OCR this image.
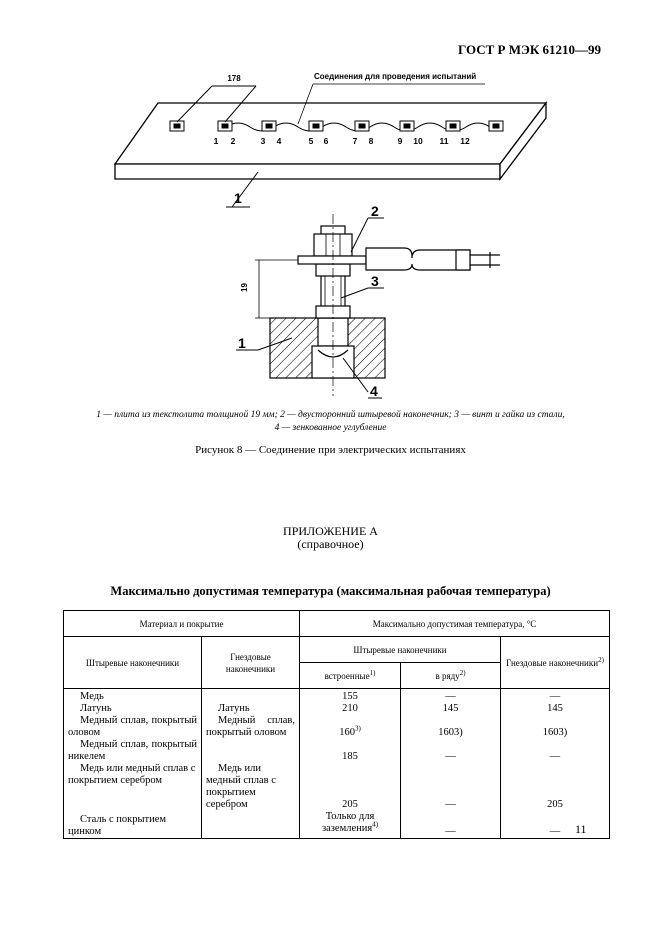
ГОСТ Р МЭК 61210—99
178	Соединения для проведения испытаний
1 2	3 4	5 6	7 8	9 10 11 12
1
19
2
3
1
4
1 — плита из текстолита толщиной 19 мм; 2 — двусторонний штыревой наконечник; 3 — винт и гайка из стали,
4 — зенкованное углубление
Рисунок 8 — Соединение при электрических испытаниях
ПРИЛОЖЕНИЕ А
(справочное)
Максимально допустимая температура (максимальная рабочая температура)
Материал и покрытие		Максимально допустимая температура, °С		
Штыревые наконечники	Гнездовые наконечники	Штыревые наконечники		Гнездовые наконечники$^{2)}$
		встроенные$^{1)}$	в ряду$^{2)}$
Медь		155	—	—
Латунь	Латунь	210	145	145

Медный сплав, покрытый оловом	Медный сплав, покрытый оловом	160$^{3)}$	1603)	1603)

Медный сплав, покрытый никелем		185	—	—

Медь или медный сплав с покрытием серебром	Медь или медный сплав с покрытием серебром	205	—	205

Сталь с покрытием цинком		Только для заземления$^{4)}$	—	— 11
